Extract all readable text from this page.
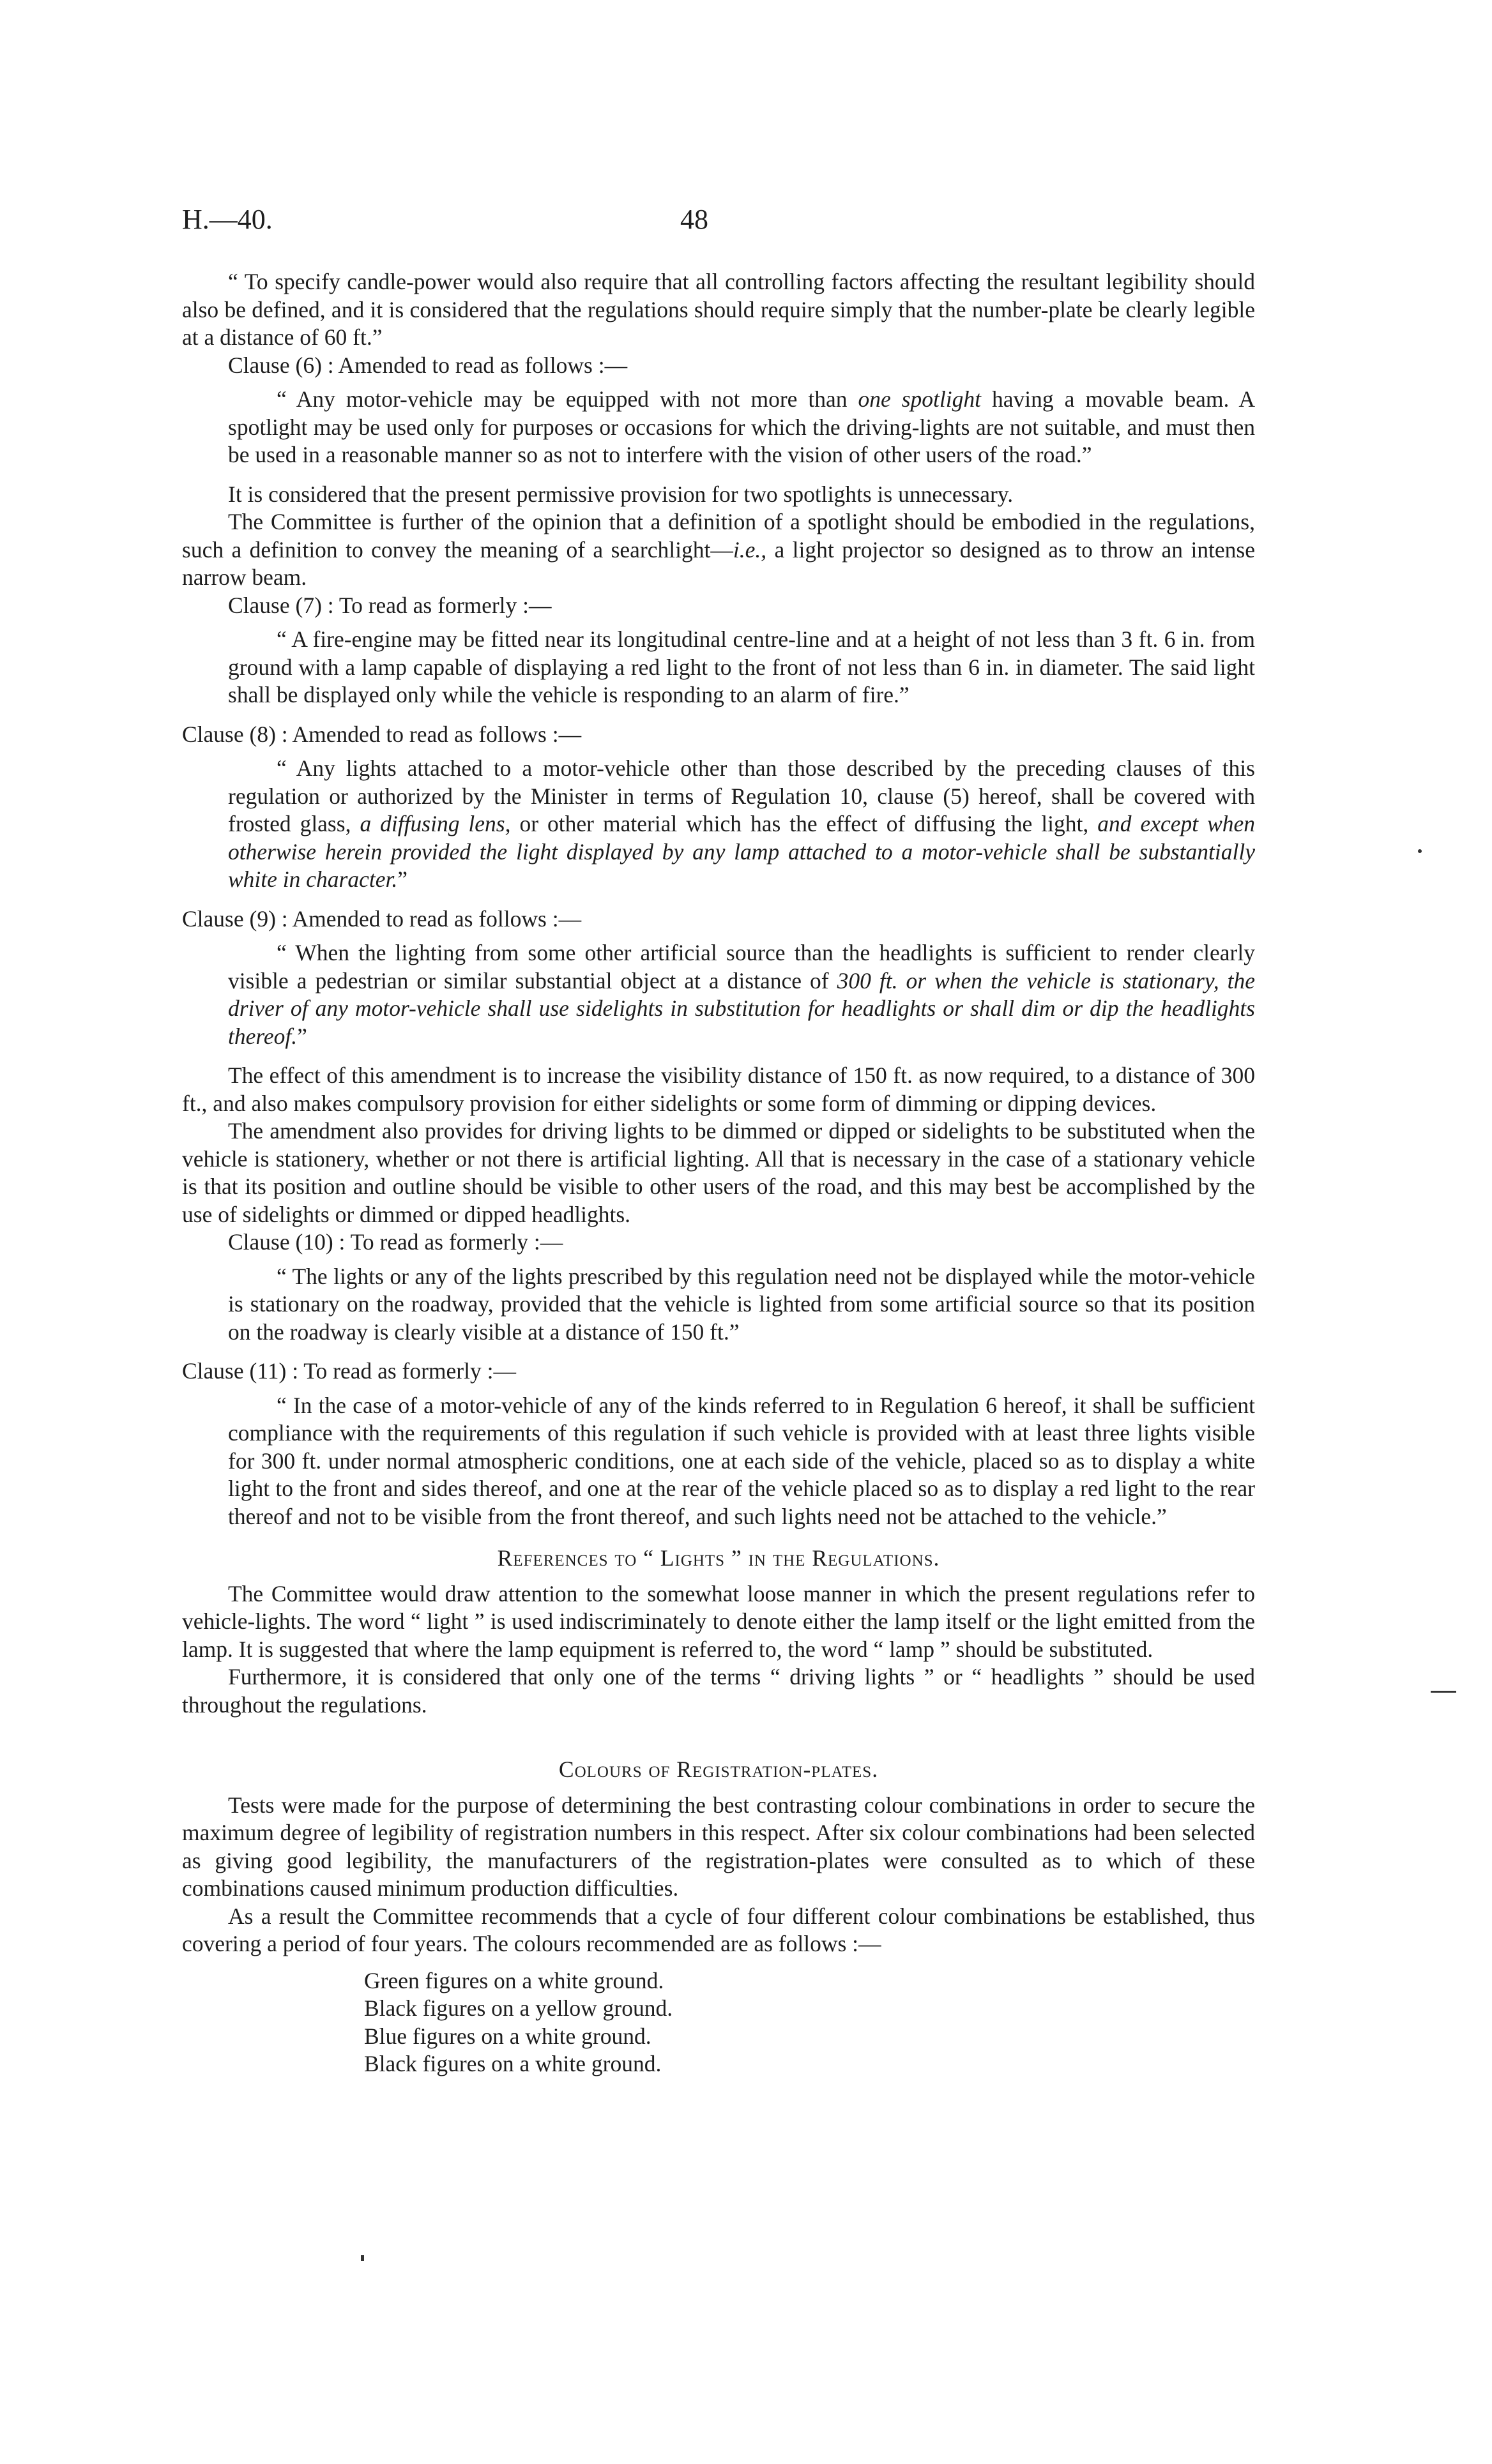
H.—40.	48

“ To specify candle-power would also require that all controlling factors affecting the resultant legibility should also be defined, and it is considered that the regulations should require simply that the number-plate be clearly legible at a distance of 60 ft.”

Clause (6) : Amended to read as follows :—

“ Any motor-vehicle may be equipped with not more than one spotlight having a movable beam. A spotlight may be used only for purposes or occasions for which the driving-lights are not suitable, and must then be used in a reasonable manner so as not to interfere with the vision of other users of the road.”

It is considered that the present permissive provision for two spotlights is unnecessary.

The Committee is further of the opinion that a definition of a spotlight should be embodied in the regulations, such a definition to convey the meaning of a searchlight—i.e., a light projector so designed as to throw an intense narrow beam.

Clause (7) : To read as formerly :—

“ A fire-engine may be fitted near its longitudinal centre-line and at a height of not less than 3 ft. 6 in. from ground with a lamp capable of displaying a red light to the front of not less than 6 in. in diameter. The said light shall be displayed only while the vehicle is responding to an alarm of fire.”

Clause (8) : Amended to read as follows :—

“ Any lights attached to a motor-vehicle other than those described by the preceding clauses of this regulation or authorized by the Minister in terms of Regulation 10, clause (5) hereof, shall be covered with frosted glass, a diffusing lens, or other material which has the effect of diffusing the light, and except when otherwise herein provided the light displayed by any lamp attached to a motor-vehicle shall be substantially white in character.”

Clause (9) : Amended to read as follows :—

“ When the lighting from some other artificial source than the headlights is sufficient to render clearly visible a pedestrian or similar substantial object at a distance of 300 ft. or when the vehicle is stationary, the driver of any motor-vehicle shall use sidelights in substitution for headlights or shall dim or dip the headlights thereof.”

The effect of this amendment is to increase the visibility distance of 150 ft. as now required, to a distance of 300 ft., and also makes compulsory provision for either sidelights or some form of dimming or dipping devices.

The amendment also provides for driving lights to be dimmed or dipped or sidelights to be substituted when the vehicle is stationery, whether or not there is artificial lighting. All that is necessary in the case of a stationary vehicle is that its position and outline should be visible to other users of the road, and this may best be accomplished by the use of sidelights or dimmed or dipped headlights.

Clause (10) : To read as formerly :—

“ The lights or any of the lights prescribed by this regulation need not be displayed while the motor-vehicle is stationary on the roadway, provided that the vehicle is lighted from some artificial source so that its position on the roadway is clearly visible at a distance of 150 ft.”

Clause (11) : To read as formerly :—

“ In the case of a motor-vehicle of any of the kinds referred to in Regulation 6 hereof, it shall be sufficient compliance with the requirements of this regulation if such vehicle is provided with at least three lights visible for 300 ft. under normal atmospheric conditions, one at each side of the vehicle, placed so as to display a white light to the front and sides thereof, and one at the rear of the vehicle placed so as to display a red light to the rear thereof and not to be visible from the front thereof, and such lights need not be attached to the vehicle.”

References to “ Lights ” in the Regulations.

The Committee would draw attention to the somewhat loose manner in which the present regulations refer to vehicle-lights. The word “ light ” is used indiscriminately to denote either the lamp itself or the light emitted from the lamp. It is suggested that where the lamp equipment is referred to, the word “ lamp ” should be substituted.

Furthermore, it is considered that only one of the terms “ driving lights ” or “ headlights ” should be used throughout the regulations.

Colours of Registration-plates.

Tests were made for the purpose of determining the best contrasting colour combinations in order to secure the maximum degree of legibility of registration numbers in this respect. After six colour combinations had been selected as giving good legibility, the manufacturers of the registration-plates were consulted as to which of these combinations caused minimum production difficulties.

As a result the Committee recommends that a cycle of four different colour combinations be established, thus covering a period of four years. The colours recommended are as follows :—

Green figures on a white ground.
Black figures on a yellow ground.
Blue figures on a white ground.
Black figures on a white ground.
